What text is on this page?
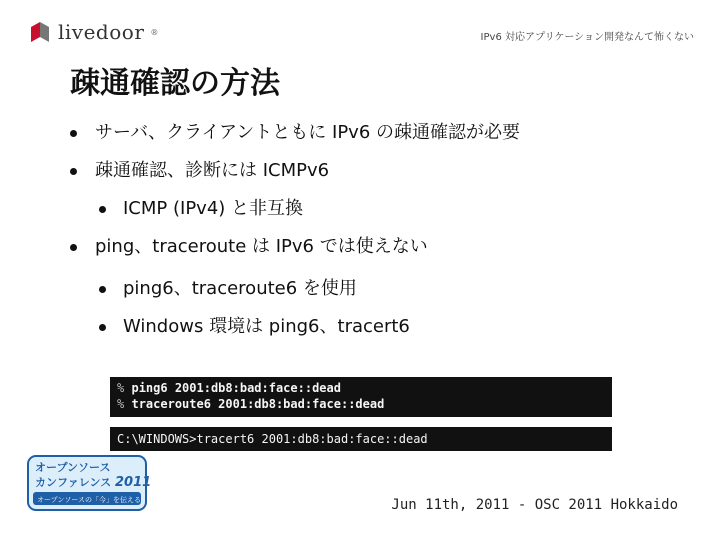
livedoor ®	IPv6 対応アプリケーション開発なんて怖くない
疎通確認の方法
サーバ、クライアントともに IPv6 の疎通確認が必要
疎通確認、診断には ICMPv6
ICMP (IPv4) と非互換
ping、traceroute は IPv6 では使えない
ping6、traceroute6 を使用
Windows 環境は ping6、tracert6
% ping6 2001:db8:bad:face::dead
% traceroute6 2001:db8:bad:face::dead
C:\WINDOWS>tracert6 2001:db8:bad:face::dead
オープンソース
カンファレンス 2011
オープンソースの「今」を伝える	Jun 11th, 2011 - OSC 2011 Hokkaido
